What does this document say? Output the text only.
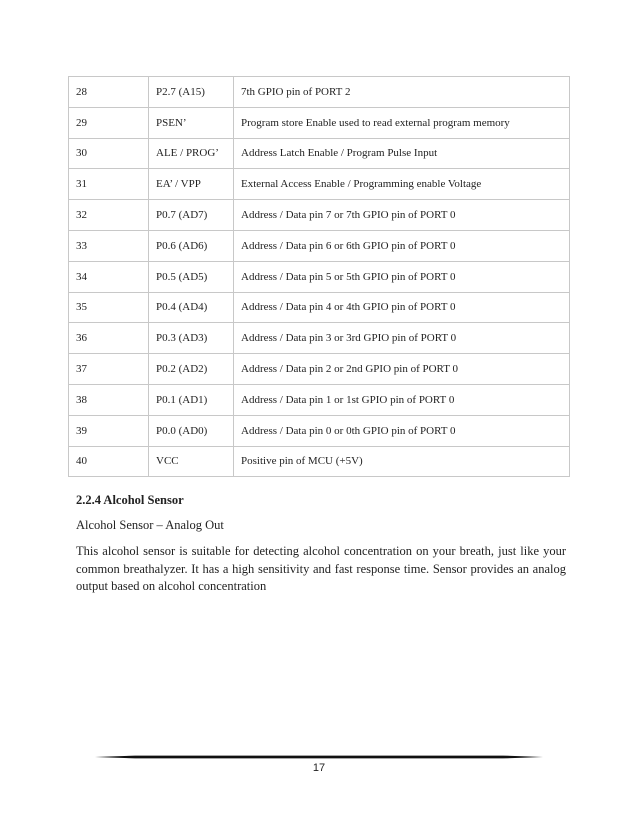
28	P2.7 (A15)	7th GPIO pin of PORT 2
29	PSEN’	Program store Enable used to read external program memory
30	ALE / PROG’	Address Latch Enable / Program Pulse Input
31	EA’ / VPP	External Access Enable / Programming enable Voltage
32	P0.7 (AD7)	Address / Data pin 7 or 7th GPIO pin of PORT 0
33	P0.6 (AD6)	Address / Data pin 6 or 6th GPIO pin of PORT 0
34	P0.5 (AD5)	Address / Data pin 5 or 5th GPIO pin of PORT 0
35	P0.4 (AD4)	Address / Data pin 4 or 4th GPIO pin of PORT 0
36	P0.3 (AD3)	Address / Data pin 3 or 3rd GPIO pin of PORT 0
37	P0.2 (AD2)	Address / Data pin 2 or 2nd GPIO pin of PORT 0
38	P0.1 (AD1)	Address / Data pin 1 or 1st GPIO pin of PORT 0
39	P0.0 (AD0)	Address / Data pin 0 or 0th GPIO pin of PORT 0
40	VCC	Positive pin of MCU (+5V)
2.2.4 Alcohol Sensor
Alcohol Sensor – Analog Out

This alcohol sensor is suitable for detecting alcohol concentration on your breath, just like your common breathalyzer. It has a high sensitivity and fast response time. Sensor provides an analog output based on alcohol concentration

17
